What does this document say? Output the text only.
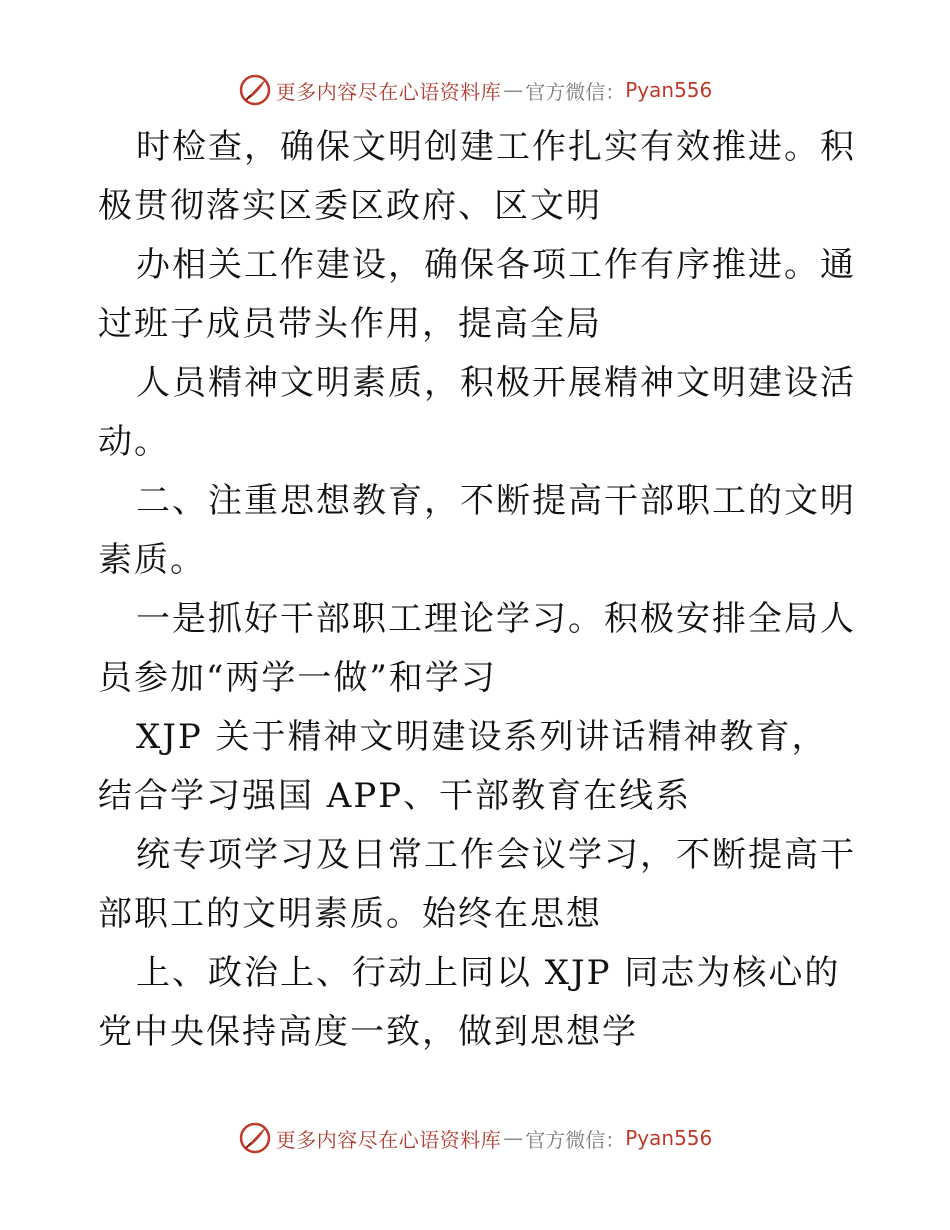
更多内容尽在心语资料库 — 官方微信： Pyan556

时检查，确保文明创建工作扎实有效推进。积极贯彻落实区委区政府、区文明

办相关工作建设，确保各项工作有序推进。通过班子成员带头作用，提高全局

人员精神文明素质，积极开展精神文明建设活动。

二、注重思想教育，不断提高干部职工的文明素质。

一是抓好干部职工理论学习。积极安排全局人员参加“两学一做”和学习

XJP 关于精神文明建设系列讲话精神教育，结合学习强国 APP、干部教育在线系

统专项学习及日常工作会议学习，不断提高干部职工的文明素质。始终在思想

上、政治上、行动上同以 XJP 同志为核心的党中央保持高度一致，做到思想学

更多内容尽在心语资料库 — 官方微信： Pyan556
